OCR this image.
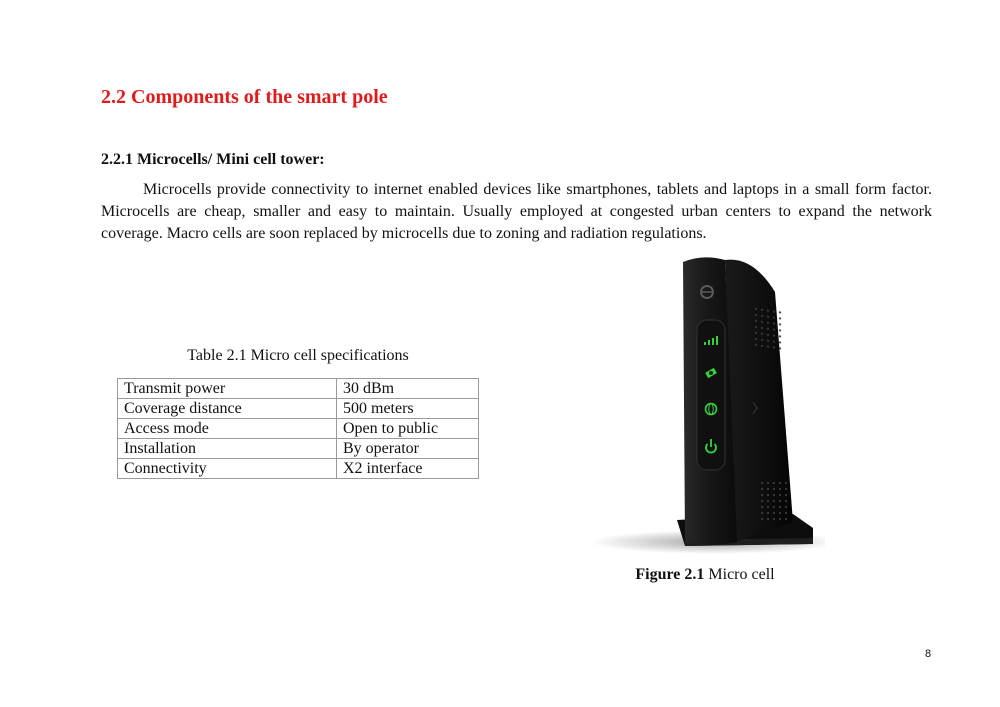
2.2 Components of the smart pole
2.2.1 Microcells/ Mini cell tower:

Microcells provide connectivity to internet enabled devices like smartphones, tablets and laptops in a small form factor. Microcells are cheap, smaller and easy to maintain. Usually employed at congested urban centers to expand the network coverage. Macro cells are soon replaced by microcells due to zoning and radiation regulations.

Table 2.1 Micro cell specifications
Transmit power	30 dBm
Coverage distance	500 meters
Access mode	Open to public
Installation	By operator
Connectivity	X2 interface
Figure 2.1 Micro cell
8
